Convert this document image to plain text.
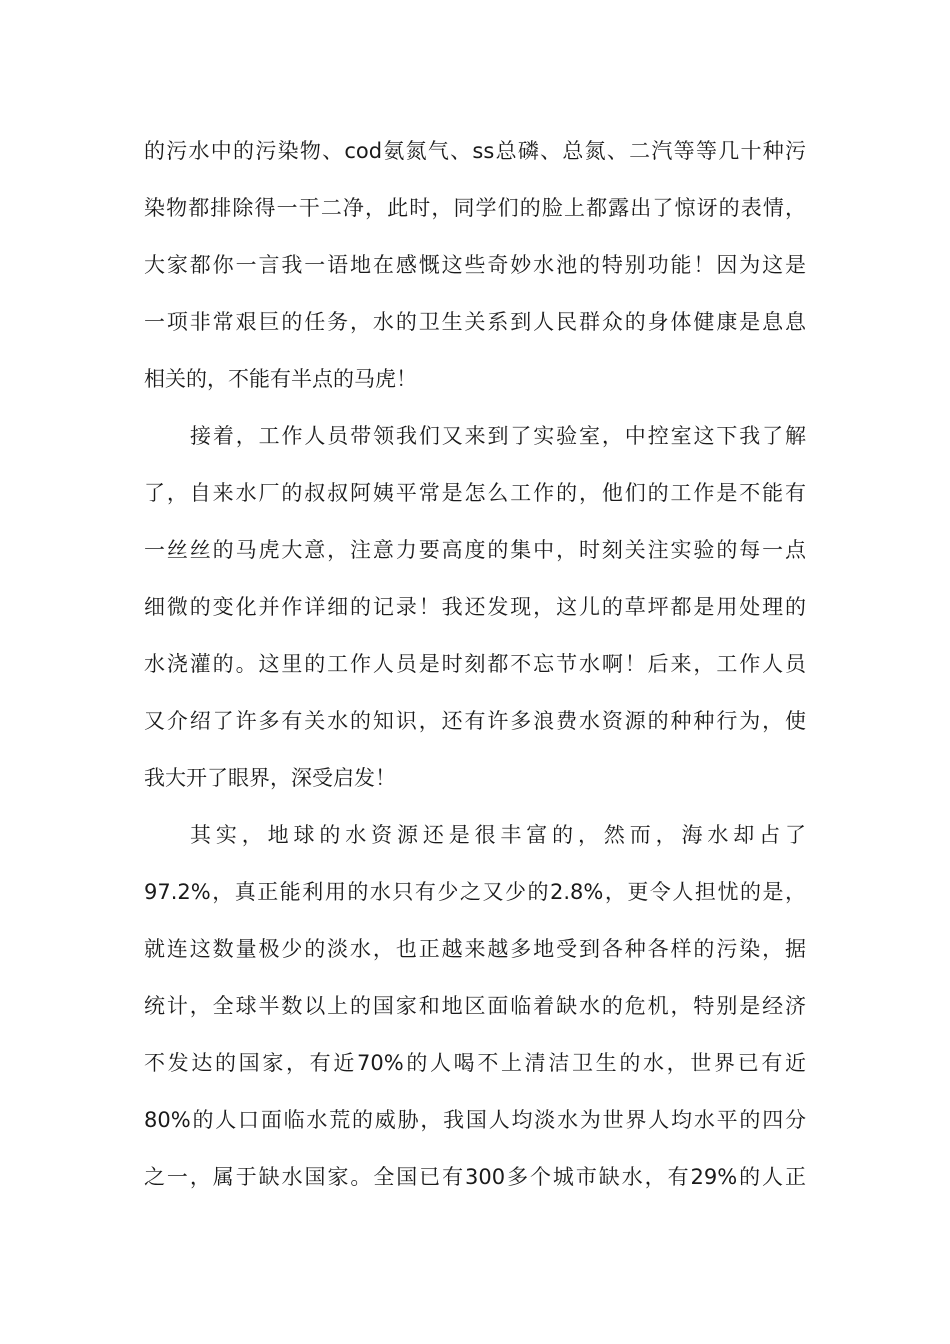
的污水中的污染物、cod氨氮气、ss总磷、总氮、二汽等等几十种污
染物都排除得一干二净，此时，同学们的脸上都露出了惊讶的表情，
大家都你一言我一语地在感慨这些奇妙水池的特别功能！因为这是
一项非常艰巨的任务，水的卫生关系到人民群众的身体健康是息息
相关的，不能有半点的马虎！
接着，工作人员带领我们又来到了实验室，中控室这下我了解
了，自来水厂的叔叔阿姨平常是怎么工作的，他们的工作是不能有
一丝丝的马虎大意，注意力要高度的集中，时刻关注实验的每一点
细微的变化并作详细的记录！我还发现，这儿的草坪都是用处理的
水浇灌的。这里的工作人员是时刻都不忘节水啊！后来，工作人员
又介绍了许多有关水的知识，还有许多浪费水资源的种种行为，使
我大开了眼界，深受启发！
其实，地球的水资源还是很丰富的，然而，海水却占了
97.2%，真正能利用的水只有少之又少的2.8%，更令人担忧的是，
就连这数量极少的淡水，也正越来越多地受到各种各样的污染，据
统计，全球半数以上的国家和地区面临着缺水的危机，特别是经济
不发达的国家，有近70%的人喝不上清洁卫生的水，世界已有近
80%的人口面临水荒的威胁，我国人均淡水为世界人均水平的四分
之一，属于缺水国家。全国已有300多个城市缺水，有29%的人正
